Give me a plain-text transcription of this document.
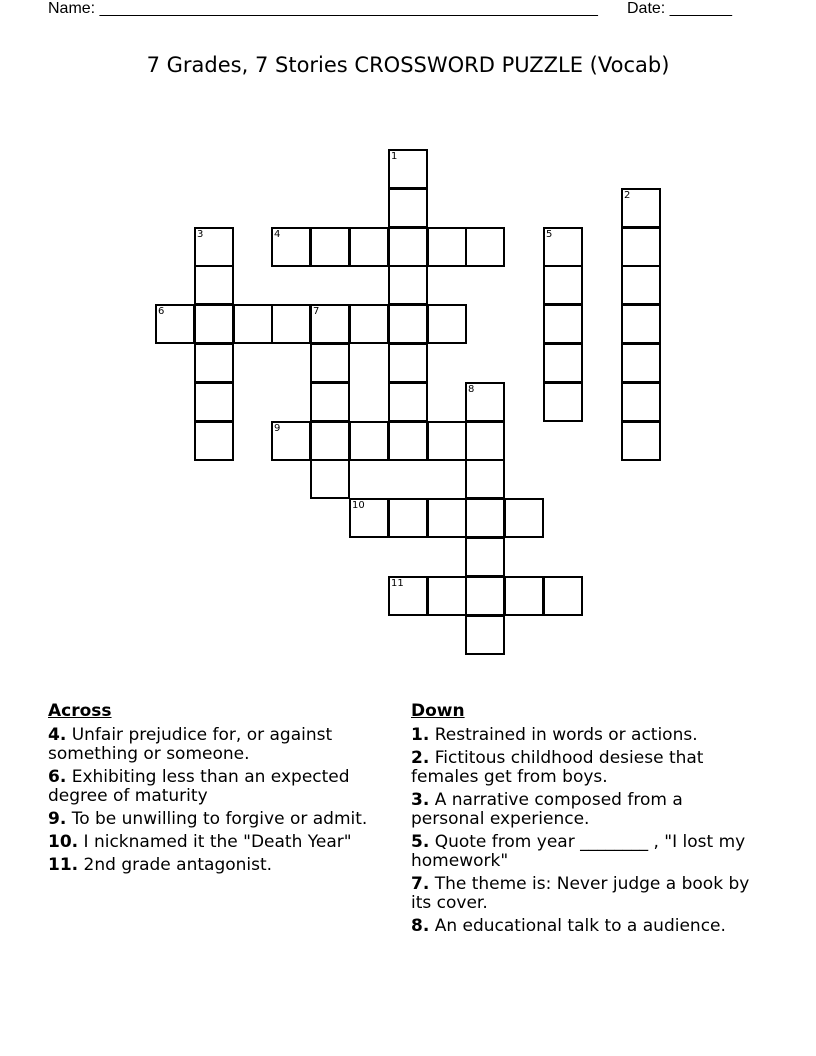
Name: ________________________________________________________ Date: _______
7 Grades, 7 Stories CROSSWORD PUZZLE (Vocab)
1
2
3	4	5
6	7
8
9
10
11
Across
4. Unfair prejudice for, or against something or someone.
6. Exhibiting less than an expected degree of maturity
9. To be unwilling to forgive or admit.
10. I nicknamed it the "Death Year"
11. 2nd grade antagonist.
Down
1. Restrained in words or actions.
2. Fictitous childhood desiese that females get from boys.
3. A narrative composed from a personal experience.
5. Quote from year ________ , "I lost my homework"
7. The theme is: Never judge a book by its cover.
8. An educational talk to a audience.
